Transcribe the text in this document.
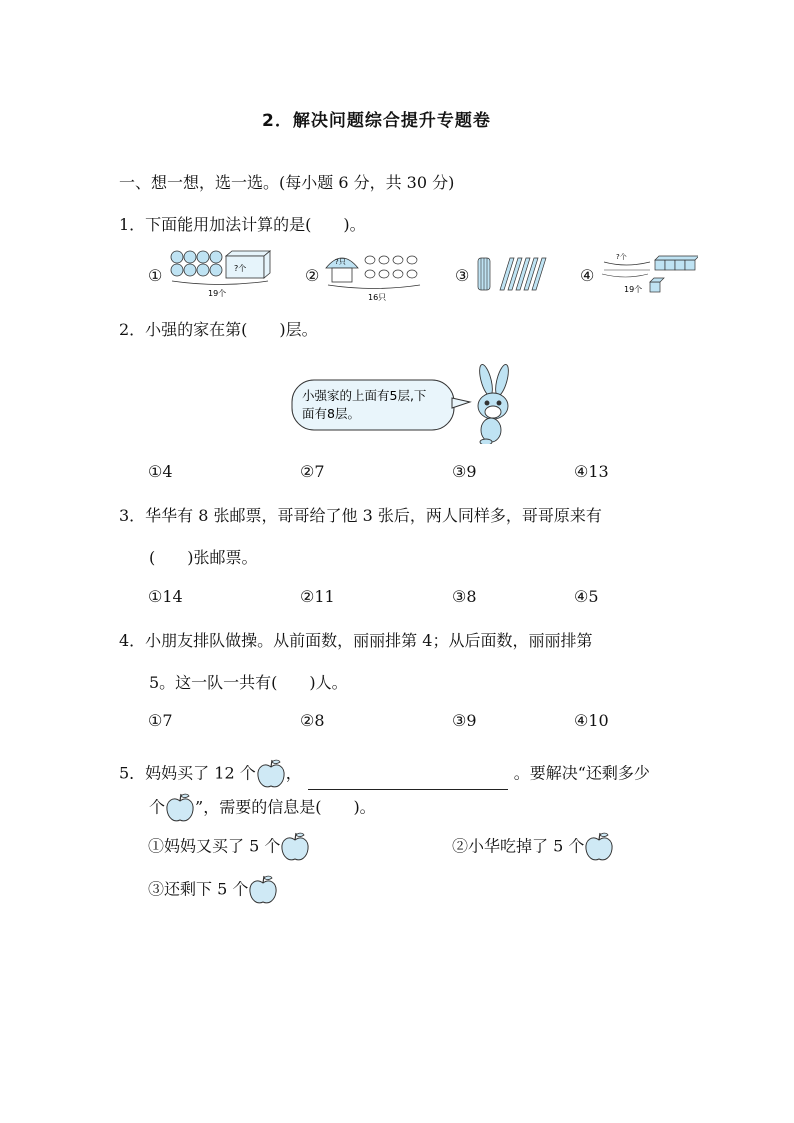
2．解决问题综合提升专题卷
一、想一想，选一选。(每小题 6 分，共 30 分)
1．下面能用加法计算的是(　　)。
①	?个
19个
②
?只
16只
③	④
?个
19个
2．小强的家在第(　　)层。
小强家的上面有5层,下
面有8层。
①4	②7	③9	④13
3．华华有 8 张邮票，哥哥给了他 3 张后，两人同样多，哥哥原来有
(　　)张邮票。
①14	②11	③8	④5
4．小朋友排队做操。从前面数，丽丽排第 4；从后面数，丽丽排第
5。这一队一共有(　　)人。
①7	②8	③9	④10
5．妈妈买了 12 个 ，	。要解决“还剩多少
个 ”，需要的信息是(　　)。
①妈妈又买了 5 个	②小华吃掉了 5 个
③还剩下 5 个
